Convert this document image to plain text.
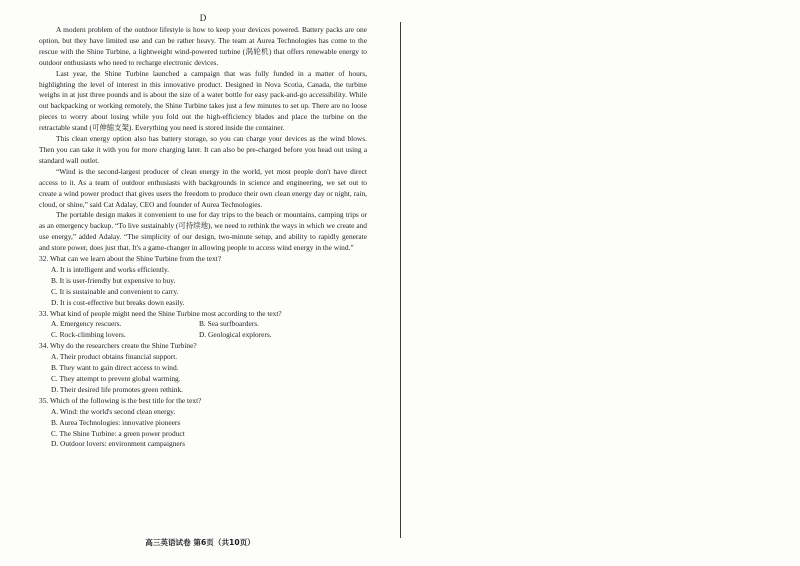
D

A modern problem of the outdoor lifestyle is how to keep your devices powered. Battery packs are one option, but they have limited use and can be rather heavy. The team at Aurea Technologies has come to the rescue with the Shine Turbine, a lightweight wind-powered turbine (涡轮机) that offers renewable energy to outdoor enthusiasts who need to recharge electronic devices.

Last year, the Shine Turbine launched a campaign that was fully funded in a matter of hours, highlighting the level of interest in this innovative product. Designed in Nova Scotia, Canada, the turbine weighs in at just three pounds and is about the size of a water bottle for easy pack-and-go accessibility. While out backpacking or working remotely, the Shine Turbine takes just a few minutes to set up. There are no loose pieces to worry about losing while you fold out the high-efficiency blades and place the turbine on the retractable stand (可伸缩支架). Everything you need is stored inside the container.

This clean energy option also has battery storage, so you can charge your devices as the wind blows. Then you can take it with you for more charging later. It can also be pre-charged before you head out using a standard wall outlet.

“Wind is the second-largest producer of clean energy in the world, yet most people don't have direct access to it. As a team of outdoor enthusiasts with backgrounds in science and engineering, we set out to create a wind power product that gives users the freedom to produce their own clean energy day or night, rain, cloud, or shine,” said Cat Adalay, CEO and founder of Aurea Technologies.

The portable design makes it convenient to use for day trips to the beach or mountains, camping trips or as an emergency backup. “To live sustainably (可持续地), we need to rethink the ways in which we create and use energy,” added Adalay. “The simplicity of our design, two-minute setup, and ability to rapidly generate and store power, does just that. It's a game-changer in allowing people to access wind energy in the wind.”

32. What can we learn about the Shine Turbine from the text?

A. It is intelligent and works efficiently.

B. It is user-friendly but expensive to buy.

C. It is sustainable and convenient to carry.

D. It is cost-effective but breaks down easily.

33. What kind of people might need the Shine Turbine most according to the text?

A. Emergency rescuers.	B. Sea surfboarders.
C. Rock-climbing lovers.	D. Geological explorers.

34. Why do the researchers create the Shine Turbine?

A. Their product obtains financial support.

B. They want to gain direct access to wind.

C. They attempt to prevent global warming.

D. Their desired life promotes green rethink.

35. Which of the following is the best title for the text?

A. Wind: the world's second clean energy.

B. Aurea Technologies: innovative pioneers

C. The Shine Turbine: a green power product

D. Outdoor lovers: environment campaigners

高三英语试卷 第6页（共10页）
